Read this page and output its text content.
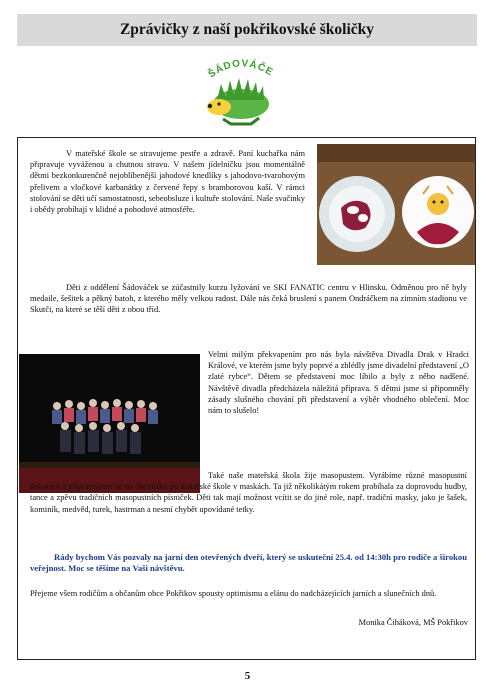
Zprávičky z naší pokřikovské školičky
ŠÁDOVÁČE

V mateřské škole se stravujeme pestře a zdravě. Paní kuchařka nám připravuje vyváženou a chutnou stravu. V našem jídelníčku jsou momentálně dětmi bezkonkurenčně nejoblíbenější jahodové knedlíky s jahodovo-tvarohovým přelivem a vločkové karbanátky z červené řepy s bramborovou kaší. V rámci stolování se děti učí samostatnosti, sebeobsluze i kultuře stolování. Naše svačinky i obědy probíhají v klidné a pohodové atmosféře.

Děti z oddělení Šádováček se zúčastnily kurzu lyžování ve SKI FANATIC centru v Hlinsku. Odměnou pro ně byly medaile, šešitek a pěkný batoh, z kterého měly velkou radost. Dále nás čeká bruslení s panem Ondráčkem na zimním stadionu ve Skutči, na které se těší děti z obou tříd.

Velmi milým překvapením pro nás byla návštěva Divadla Drak v Hradci Králové, ve kterém jsme byly poprvé a zhlédly jsme divadelní představení „O zlaté rybce“. Dětem se představení moc líbilo a byly z něho nadšené. Návštěvě divadla předcházela náležitá příprava. S dětmi jsme si připomněly zásady slušného chování při představení a výběr vhodného oblečení. Moc nám to slušelo!

Také naše mateřská škola žije masopustem. Vyrábíme různé masopustní dekorace a připravujeme se na obchůzku po mateřské škole v maskách. Ta již několikátým rokem probíhala za doprovodu hudby, tance a zpěvu tradičních masopustních písniček. Děti tak mají možnost vcítit se do jiné role, např. tradiční masky, jako je šašek, kominík, medvěd, turek, hastrman a nesmí chybět upovídané tetky.

Rády bychom Vás pozvaly na jarní den otevřených dveří, který se uskuteční 25.4. od 14:30h pro rodiče a širokou veřejnost. Moc se těšíme na Vaši návštěvu.

Přejeme všem rodičům a občanům obce Pokřikov spousty optimismu a elánu do nadcházejících jarních a slunečních dnů.

Monika Čiháková, MŠ Pokřikov

5
